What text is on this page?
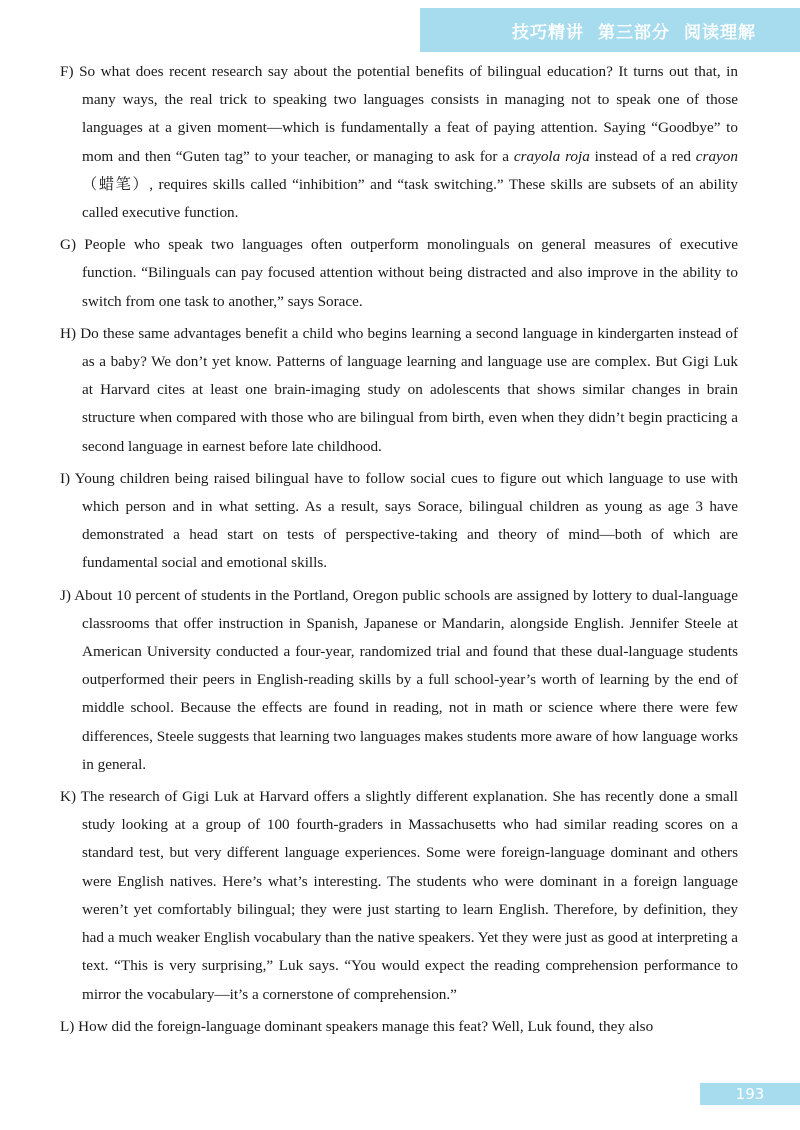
技巧精讲 第三部分 阅读理解

F) So what does recent research say about the potential benefits of bilingual education? It turns out that, in many ways, the real trick to speaking two languages consists in managing not to speak one of those languages at a given moment—which is fundamentally a feat of paying attention. Saying “Goodbye” to mom and then “Guten tag” to your teacher, or managing to ask for a crayola roja instead of a red crayon（蜡笔）, requires skills called “inhibition” and “task switching.” These skills are subsets of an ability called executive function.

G) People who speak two languages often outperform monolinguals on general measures of executive function. “Bilinguals can pay focused attention without being distracted and also improve in the ability to switch from one task to another,” says Sorace.

H) Do these same advantages benefit a child who begins learning a second language in kindergarten instead of as a baby? We don’t yet know. Patterns of language learning and language use are complex. But Gigi Luk at Harvard cites at least one brain-imaging study on adolescents that shows similar changes in brain structure when compared with those who are bilingual from birth, even when they didn’t begin practicing a second language in earnest before late childhood.

I) Young children being raised bilingual have to follow social cues to figure out which language to use with which person and in what setting. As a result, says Sorace, bilingual children as young as age 3 have demonstrated a head start on tests of perspective-taking and theory of mind—both of which are fundamental social and emotional skills.

J) About 10 percent of students in the Portland, Oregon public schools are assigned by lottery to dual-language classrooms that offer instruction in Spanish, Japanese or Mandarin, alongside English. Jennifer Steele at American University conducted a four-year, randomized trial and found that these dual-language students outperformed their peers in English-reading skills by a full school-year’s worth of learning by the end of middle school. Because the effects are found in reading, not in math or science where there were few differences, Steele suggests that learning two languages makes students more aware of how language works in general.

K) The research of Gigi Luk at Harvard offers a slightly different explanation. She has recently done a small study looking at a group of 100 fourth-graders in Massachusetts who had similar reading scores on a standard test, but very different language experiences. Some were foreign-language dominant and others were English natives. Here’s what’s interesting. The students who were dominant in a foreign language weren’t yet comfortably bilingual; they were just starting to learn English. Therefore, by definition, they had a much weaker English vocabulary than the native speakers. Yet they were just as good at interpreting a text. “This is very surprising,” Luk says. “You would expect the reading comprehension performance to mirror the vocabulary—it’s a cornerstone of comprehension.”

L) How did the foreign-language dominant speakers manage this feat? Well, Luk found, they also

193
